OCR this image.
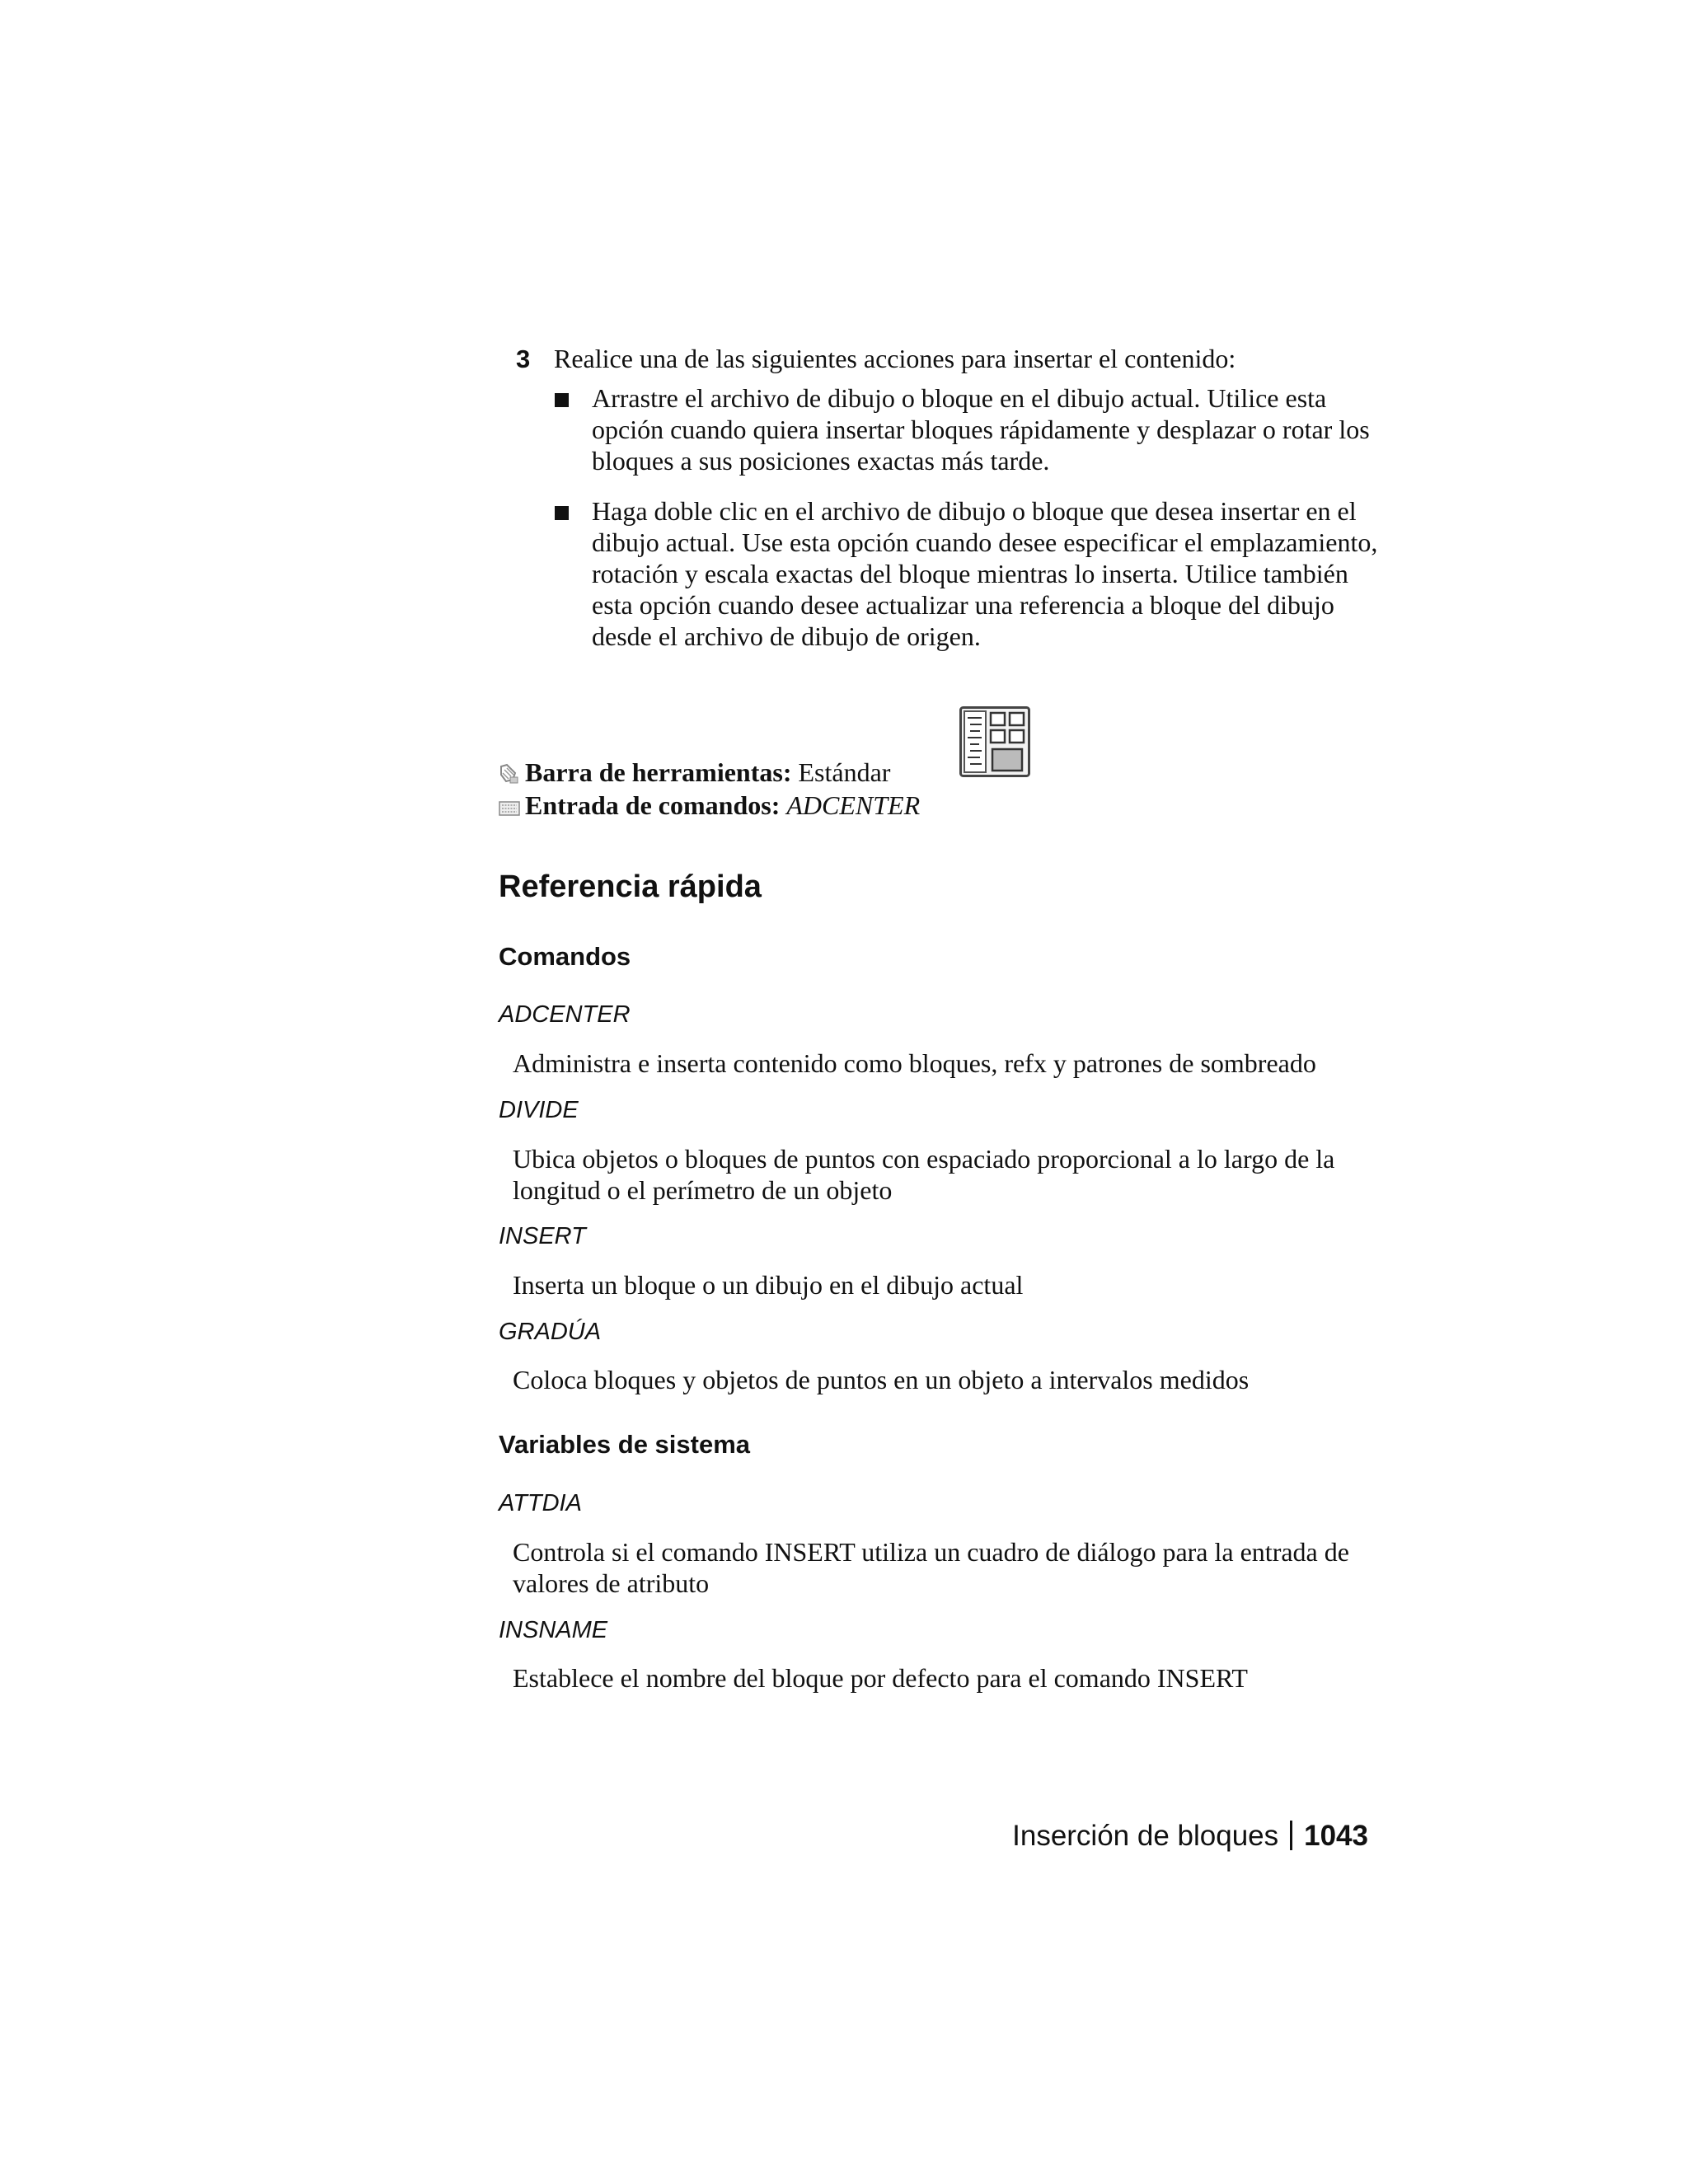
3 Realice una de las siguientes acciones para insertar el contenido:
Arrastre el archivo de dibujo o bloque en el dibujo actual. Utilice esta opción cuando quiera insertar bloques rápidamente y desplazar o rotar los bloques a sus posiciones exactas más tarde.
Haga doble clic en el archivo de dibujo o bloque que desea insertar en el dibujo actual. Use esta opción cuando desee especificar el emplazamiento, rotación y escala exactas del bloque mientras lo inserta. Utilice también esta opción cuando desee actualizar una referencia a bloque del dibujo desde el archivo de dibujo de origen.
Barra de herramientas: Estándar
Entrada de comandos: ADCENTER
Referencia rápida
Comandos
ADCENTER
Administra e inserta contenido como bloques, refx y patrones de sombreado
DIVIDE
Ubica objetos o bloques de puntos con espaciado proporcional a lo largo de la longitud o el perímetro de un objeto
INSERT
Inserta un bloque o un dibujo en el dibujo actual
GRADÚA
Coloca bloques y objetos de puntos en un objeto a intervalos medidos
Variables de sistema
ATTDIA
Controla si el comando INSERT utiliza un cuadro de diálogo para la entrada de valores de atributo
INSNAME
Establece el nombre del bloque por defecto para el comando INSERT
Inserción de bloques 1043
